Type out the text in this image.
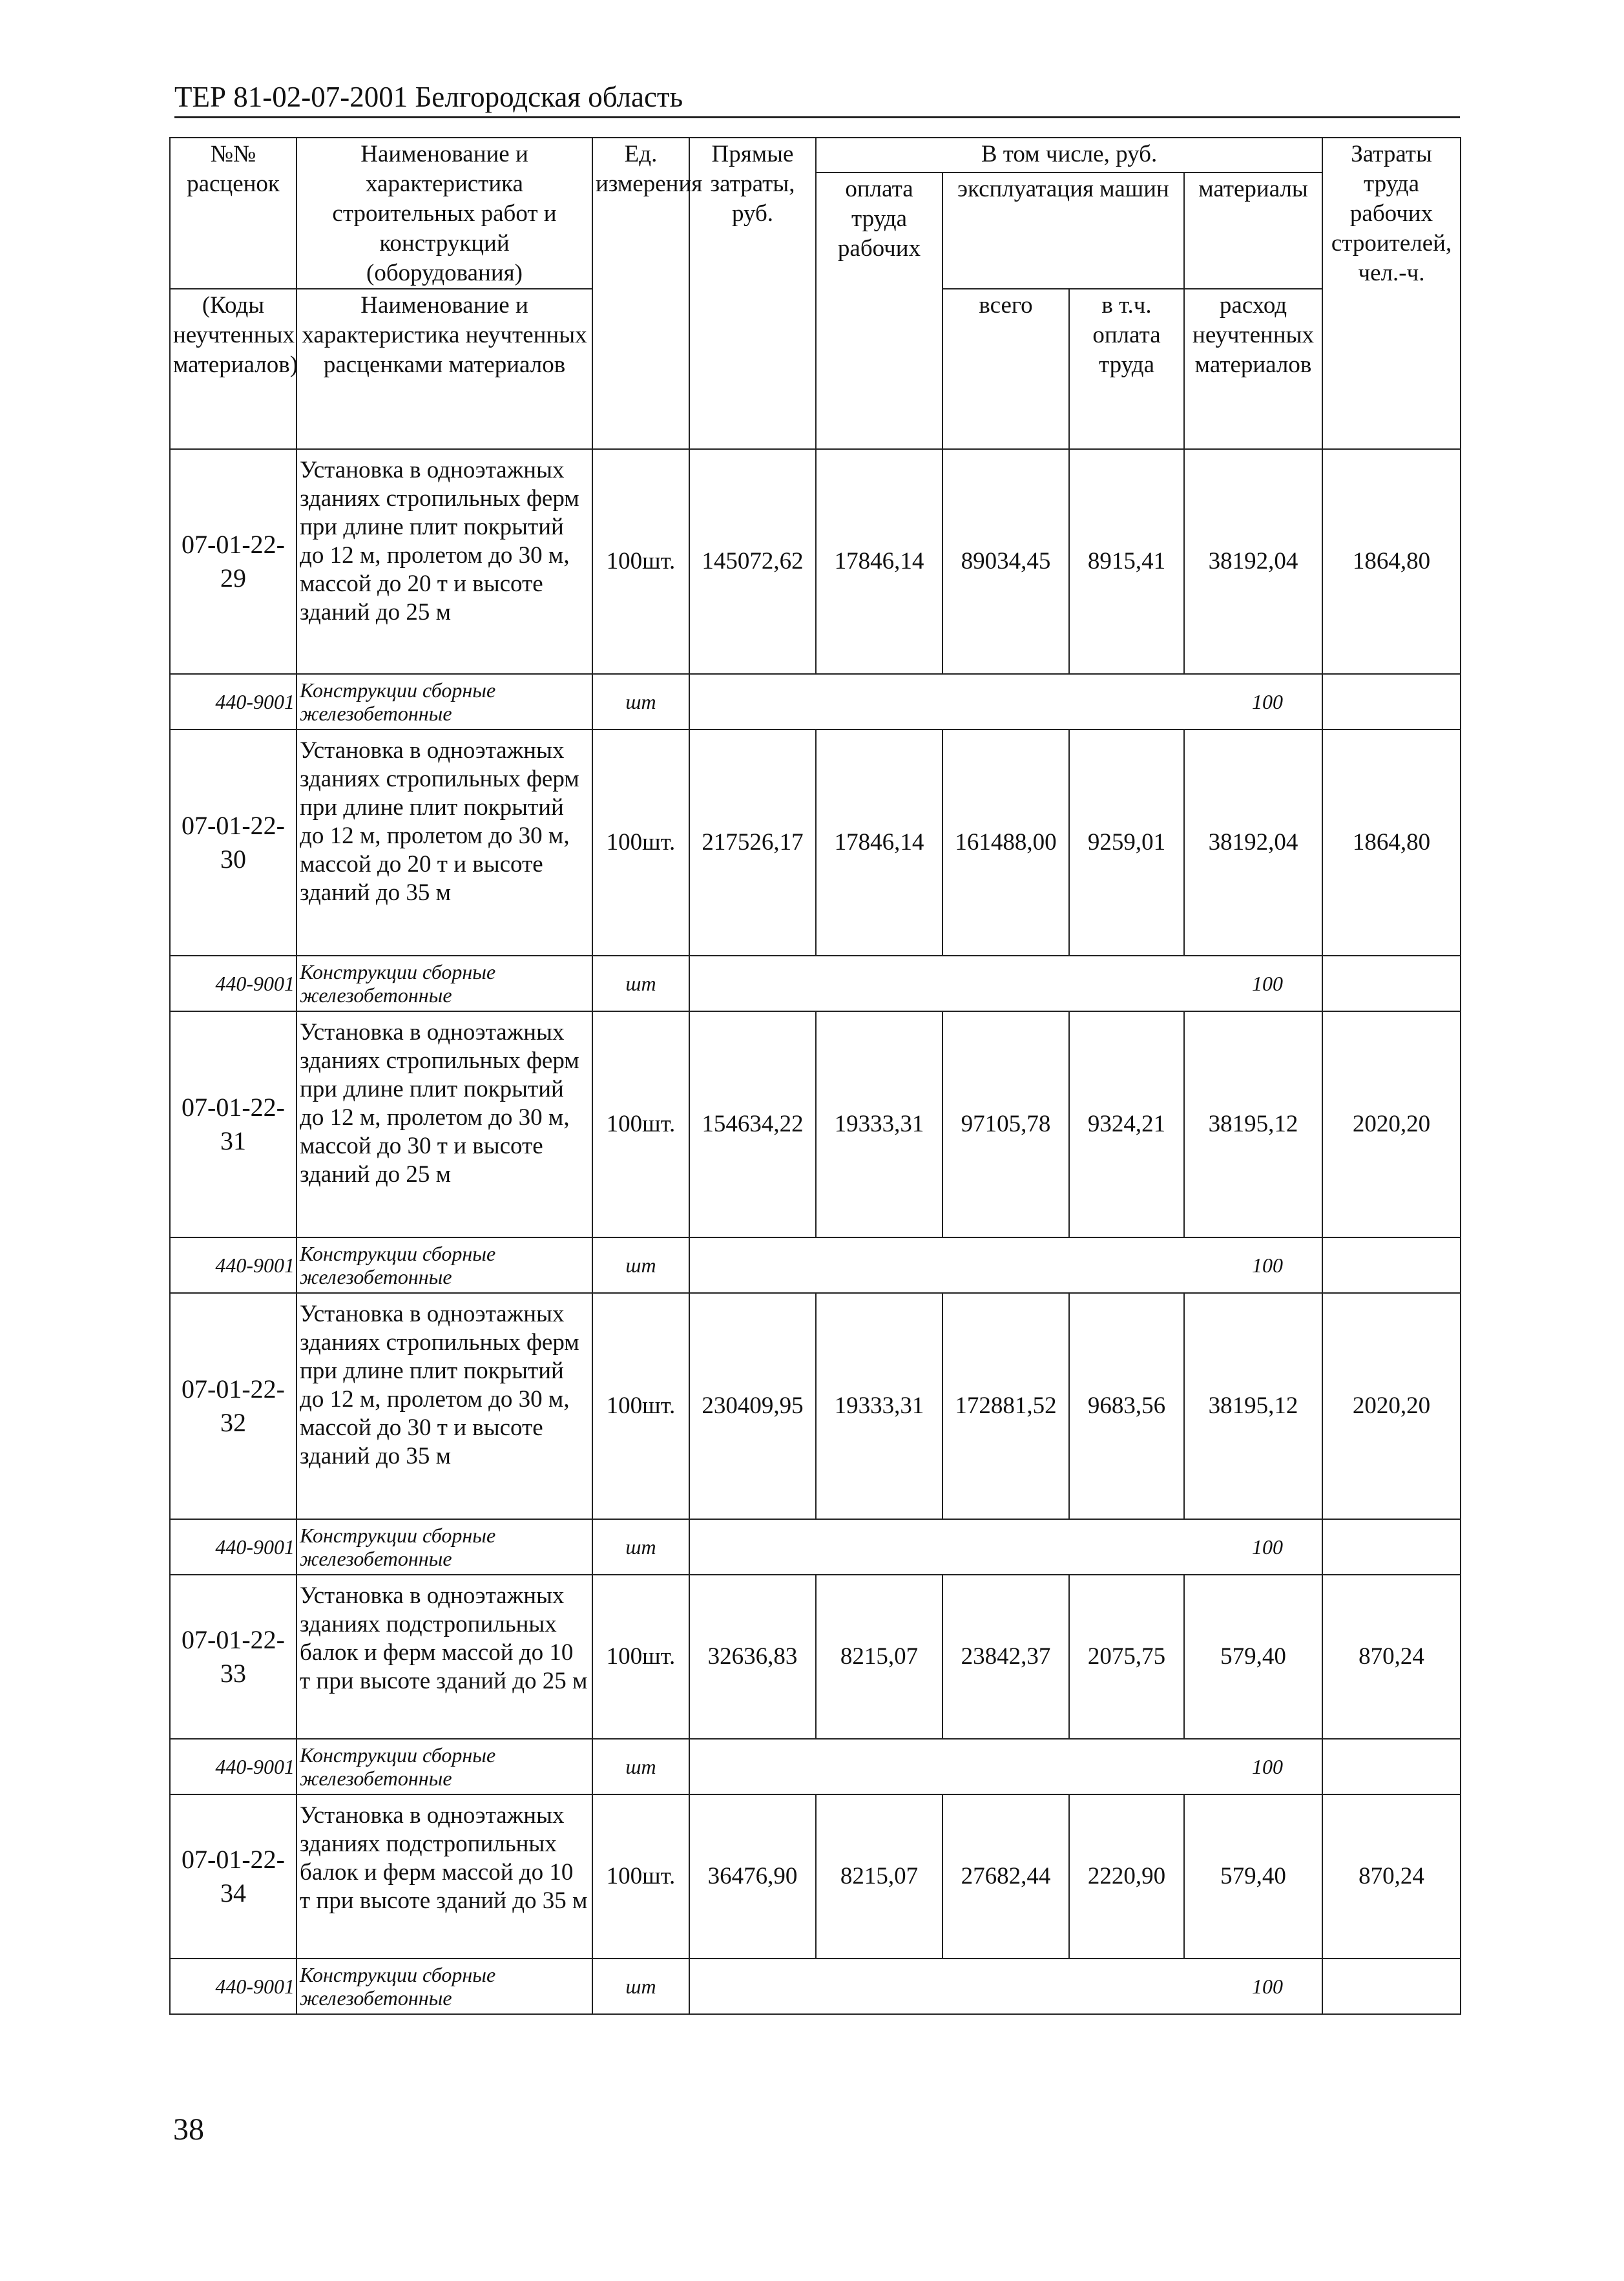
ТЕР 81-02-07-2001 Белгородская область
№№ расценок	Наименование и характеристика строительных работ и конструкций (оборудования)	Ед. измерения	Прямые затраты, руб.	В том числе, руб.				Затраты труда рабочих строителей, чел.-ч.
				оплата труда рабочих	эксплуатация машин		материалы	
(Коды неучтенных материалов)	Наименование и характеристика неучтенных расценками материалов				всего	в т.ч. оплата труда	расход неучтенных материалов	

07-01-22-29	Установка в одноэтажных зданиях стропильных ферм при длине плит покрытий до 12 м, пролетом до 30 м, массой до 20 т и высоте зданий до 25 м	100шт.	145072,62	17846,14	89034,45	8915,41	38192,04	1864,80
440-9001	Конструкции сборные железобетонные	шт	100					
07-01-22-30	Установка в одноэтажных зданиях стропильных ферм при длине плит покрытий до 12 м, пролетом до 30 м, массой до 20 т и высоте зданий до 35 м	100шт.	217526,17	17846,14	161488,00	9259,01	38192,04	1864,80
440-9001	Конструкции сборные железобетонные	шт	100					
07-01-22-31	Установка в одноэтажных зданиях стропильных ферм при длине плит покрытий до 12 м, пролетом до 30 м, массой до 30 т и высоте зданий до 25 м	100шт.	154634,22	19333,31	97105,78	9324,21	38195,12	2020,20
440-9001	Конструкции сборные железобетонные	шт	100					
07-01-22-32	Установка в одноэтажных зданиях стропильных ферм при длине плит покрытий до 12 м, пролетом до 30 м, массой до 30 т и высоте зданий до 35 м	100шт.	230409,95	19333,31	172881,52	9683,56	38195,12	2020,20
440-9001	Конструкции сборные железобетонные	шт	100					
07-01-22-33	Установка в одноэтажных зданиях подстропильных балок и ферм массой до 10 т при высоте зданий до 25 м	100шт.	32636,83	8215,07	23842,37	2075,75	579,40	870,24
440-9001	Конструкции сборные железобетонные	шт	100					
07-01-22-34	Установка в одноэтажных зданиях подстропильных балок и ферм массой до 10 т при высоте зданий до 35 м	100шт.	36476,90	8215,07	27682,44	2220,90	579,40	870,24
440-9001	Конструкции сборные железобетонные	шт	100					
38
